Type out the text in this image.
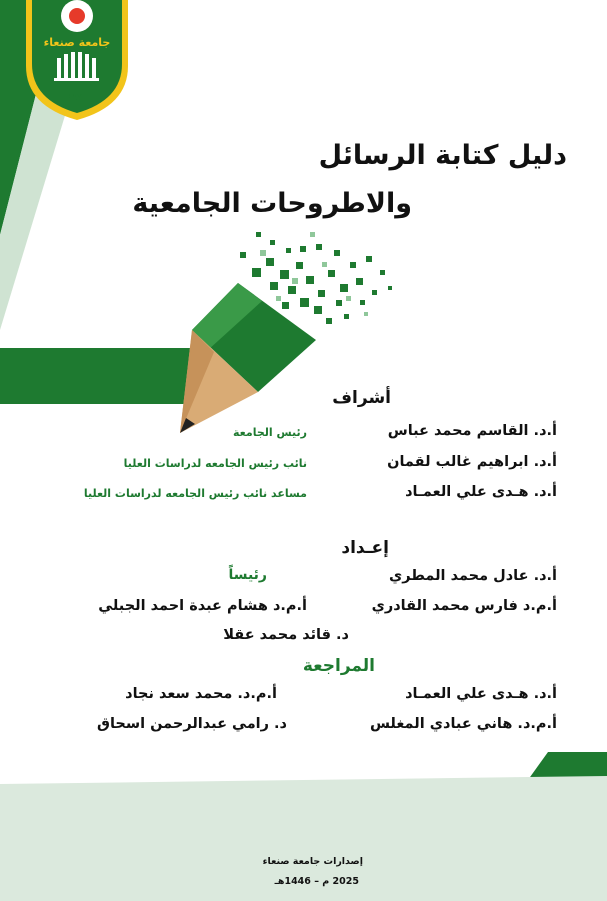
جامعة صنعاء
١٩٧٠
دليل كتابة الرسائل
والاطروحات الجامعية
أشراف
أ.د. القاسم محمد عباس
رئيس الجامعة
أ.د. ابراهيم غالب لقمان
نائب رئيس الجامعه لدراسات العليا
أ.د. هـدى علي العمـاد
مساعد نائب رئيس الجامعه لدراسات العليا
إعـداد
أ.د. عادل محمد المطري
رئيساً
أ.م.د فارس محمد القادري
أ.م.د هشام عبدة احمد الجبلي
د. قائد محمد عقلا
المراجعة
أ.د. هـدى علي العمـاد
أ.م.د. محمد سعد نجاد
أ.م.د. هاني عبادي المغلس
د. رامي عبدالرحمن اسحاق
إصدارات جامعة صنعاء
2025 م – 1446هـ
